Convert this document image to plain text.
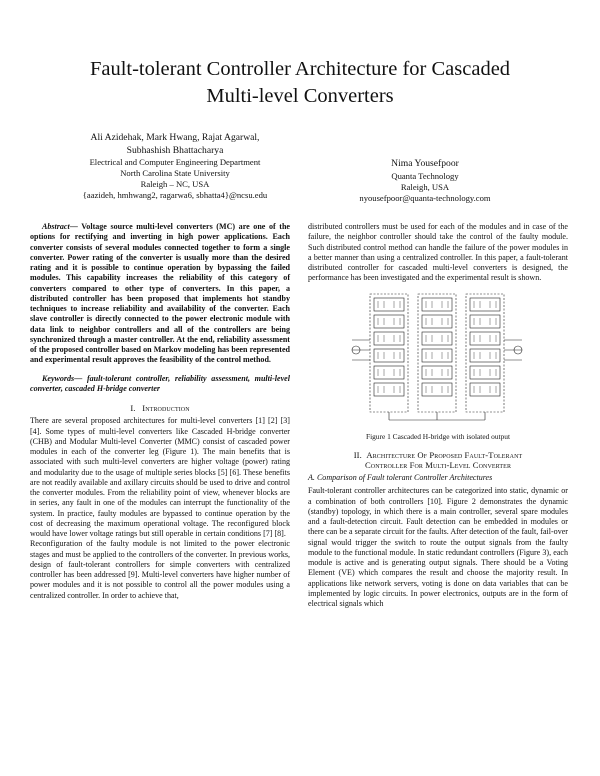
Fault-tolerant Controller Architecture for Cascaded
Multi-level Converters
Ali Azidehak, Mark Hwang, Rajat Agarwal,
Subhashish Bhattacharya
Electrical and Computer Engineering Department
North Carolina State University
Raleigh – NC, USA
{aazideh, hmhwang2, ragarwa6, sbhatta4}@ncsu.edu
Nima Yousefpoor
Quanta Technology
Raleigh, USA
nyousefpoor@quanta-technology.com

Abstract— Voltage source multi-level converters (MC) are one of the options for rectifying and inverting in high power applications. Each converter consists of several modules connected together to form a single converter. Power rating of the converter is usually more than the desired rating and it is possible to continue operation by bypassing the failed modules. This capability increases the reliability of this category of converters compared to other type of converters. In this paper, a distributed controller has been proposed that implements hot standby techniques to increase reliability and availability of the converter. Each slave controller is directly connected to the power electronic module with data link to neighbor controllers and all of the controllers are being synchronized through a master controller. At the end, reliability assessment of the proposed controller based on Markov modeling has been represented and experimental result approves the feasibility of the control method.

Keywords— fault-tolerant controller, reliability assessment, multi-level converter, cascaded H-bridge converter

I. Introduction

There are several proposed architectures for multi-level converters [1] [2] [3] [4]. Some types of multi-level converters like Cascaded H-bridge converter (CHB) and Modular Multi-level Converter (MMC) consist of cascaded power modules in each of the converter leg (Figure 1). The main benefits that is associated with such multi-level converters are higher voltage (power) rating and modularity due to the usage of multiple series blocks [5] [6]. These benefits are not readily available and axillary circuits should be used to drive and control the converter modules. From the reliability point of view, whenever blocks are in series, any fault in one of the modules can interrupt the functionality of the system. In practice, faulty modules are bypassed to continue operation by the cost of decreasing the maximum operational voltage. The reconfigured block would have lower voltage ratings but still operable in certain conditions [7] [8].

Reconfiguration of the faulty module is not limited to the power electronic stages and must be applied to the controllers of the converter. In previous works, design of fault-tolerant controllers for simple converters with centralized controller has been addressed [9]. Multi-level converters have higher number of power modules and it is not possible to control all the power modules using a centralized controller. In order to achieve that,

distributed controllers must be used for each of the modules and in case of the failure, the neighbor controller should take the control of the faulty module. Such distributed control method can handle the failure of the power modules in a better manner than using a centralized controller. In this paper, a fault-tolerant distributed controller for cascaded multi-level converters is designed, the performance has been investigated and the experimental result is shown.

Figure 1 Cascaded H-bridge with isolated output
II. Architecture Of Proposed Fault-Tolerant
Controller For Multi-Level Converter
A. Comparison of Fault tolerant Controller Architectures

Fault-tolerant controller architectures can be categorized into static, dynamic or a combination of both controllers [10]. Figure 2 demonstrates the dynamic (standby) topology, in which there is a main controller, several spare modules and a fault-detection circuit. Fault detection can be embedded in modules or there can be a separate circuit for the faults. After detection of the fault, fail-over signal would trigger the switch to route the output signals from the faulty module to the functional module. In static redundant controllers (Figure 3), each module is active and is generating output signals. There should be a Voting Element (VE) which compares the result and choose the majority result. In applications like network servers, voting is done on data variables that can be implemented by logic circuits. In power electronics, outputs are in the form of electrical signals which
